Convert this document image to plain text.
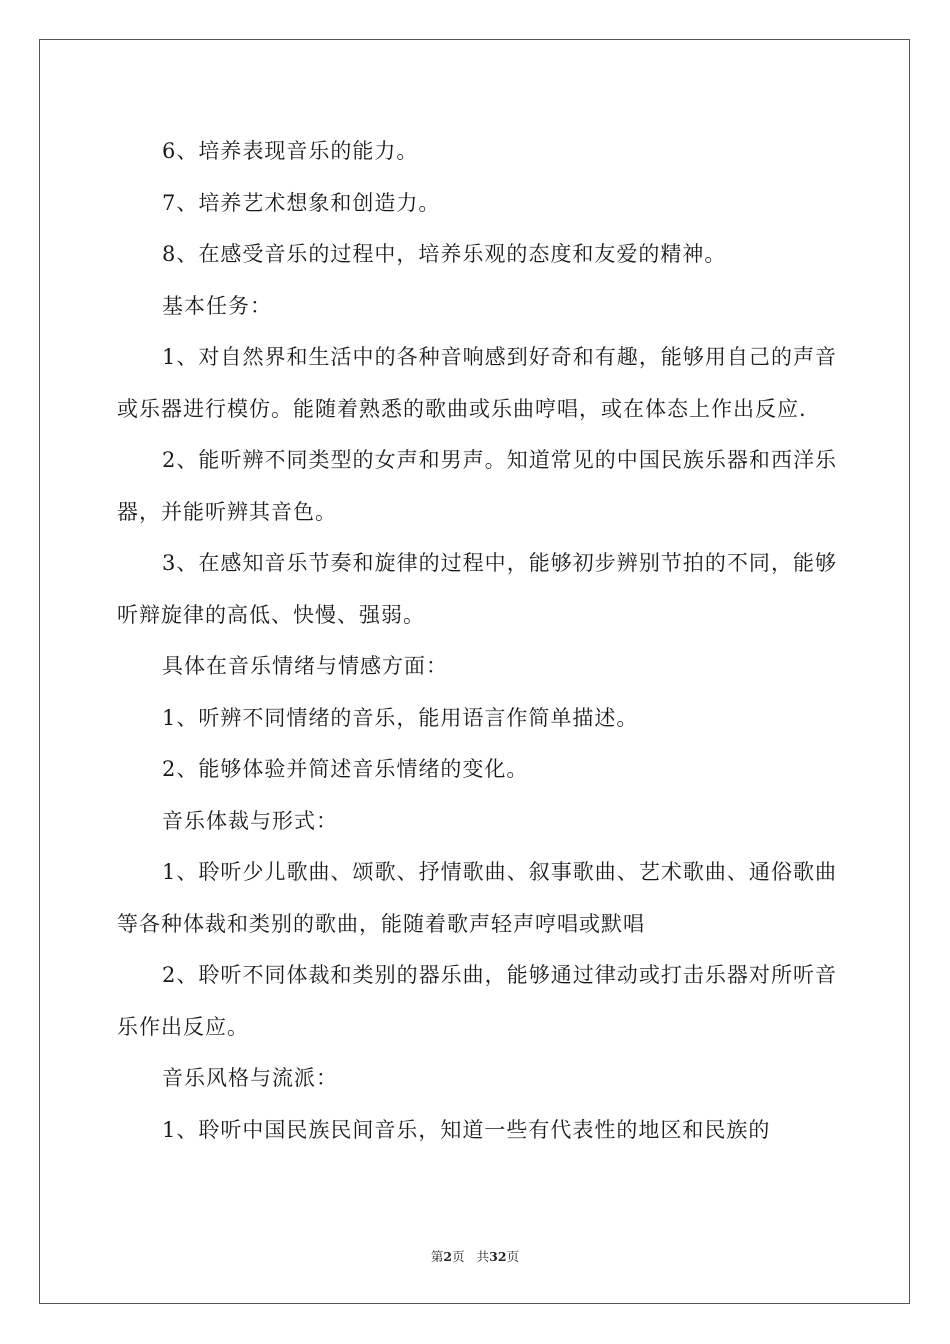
6、培养表现音乐的能力。

7、培养艺术想象和创造力。

8、在感受音乐的过程中，培养乐观的态度和友爱的精神。

基本任务：

1、对自然界和生活中的各种音响感到好奇和有趣，能够用自己的声音或乐器进行模仿。能随着熟悉的歌曲或乐曲哼唱，或在体态上作出反应.

2、能听辨不同类型的女声和男声。知道常见的中国民族乐器和西洋乐器，并能听辨其音色。

3、在感知音乐节奏和旋律的过程中，能够初步辨别节拍的不同，能够听辩旋律的高低、快慢、强弱。

具体在音乐情绪与情感方面：

1、听辨不同情绪的音乐，能用语言作简单描述。

2、能够体验并简述音乐情绪的变化。

音乐体裁与形式：

1、聆听少儿歌曲、颂歌、抒情歌曲、叙事歌曲、艺术歌曲、通俗歌曲等各种体裁和类别的歌曲，能随着歌声轻声哼唱或默唱

2、聆听不同体裁和类别的器乐曲，能够通过律动或打击乐器对所听音乐作出反应。

音乐风格与流派：

1、聆听中国民族民间音乐，知道一些有代表性的地区和民族的

第2页 共32页
